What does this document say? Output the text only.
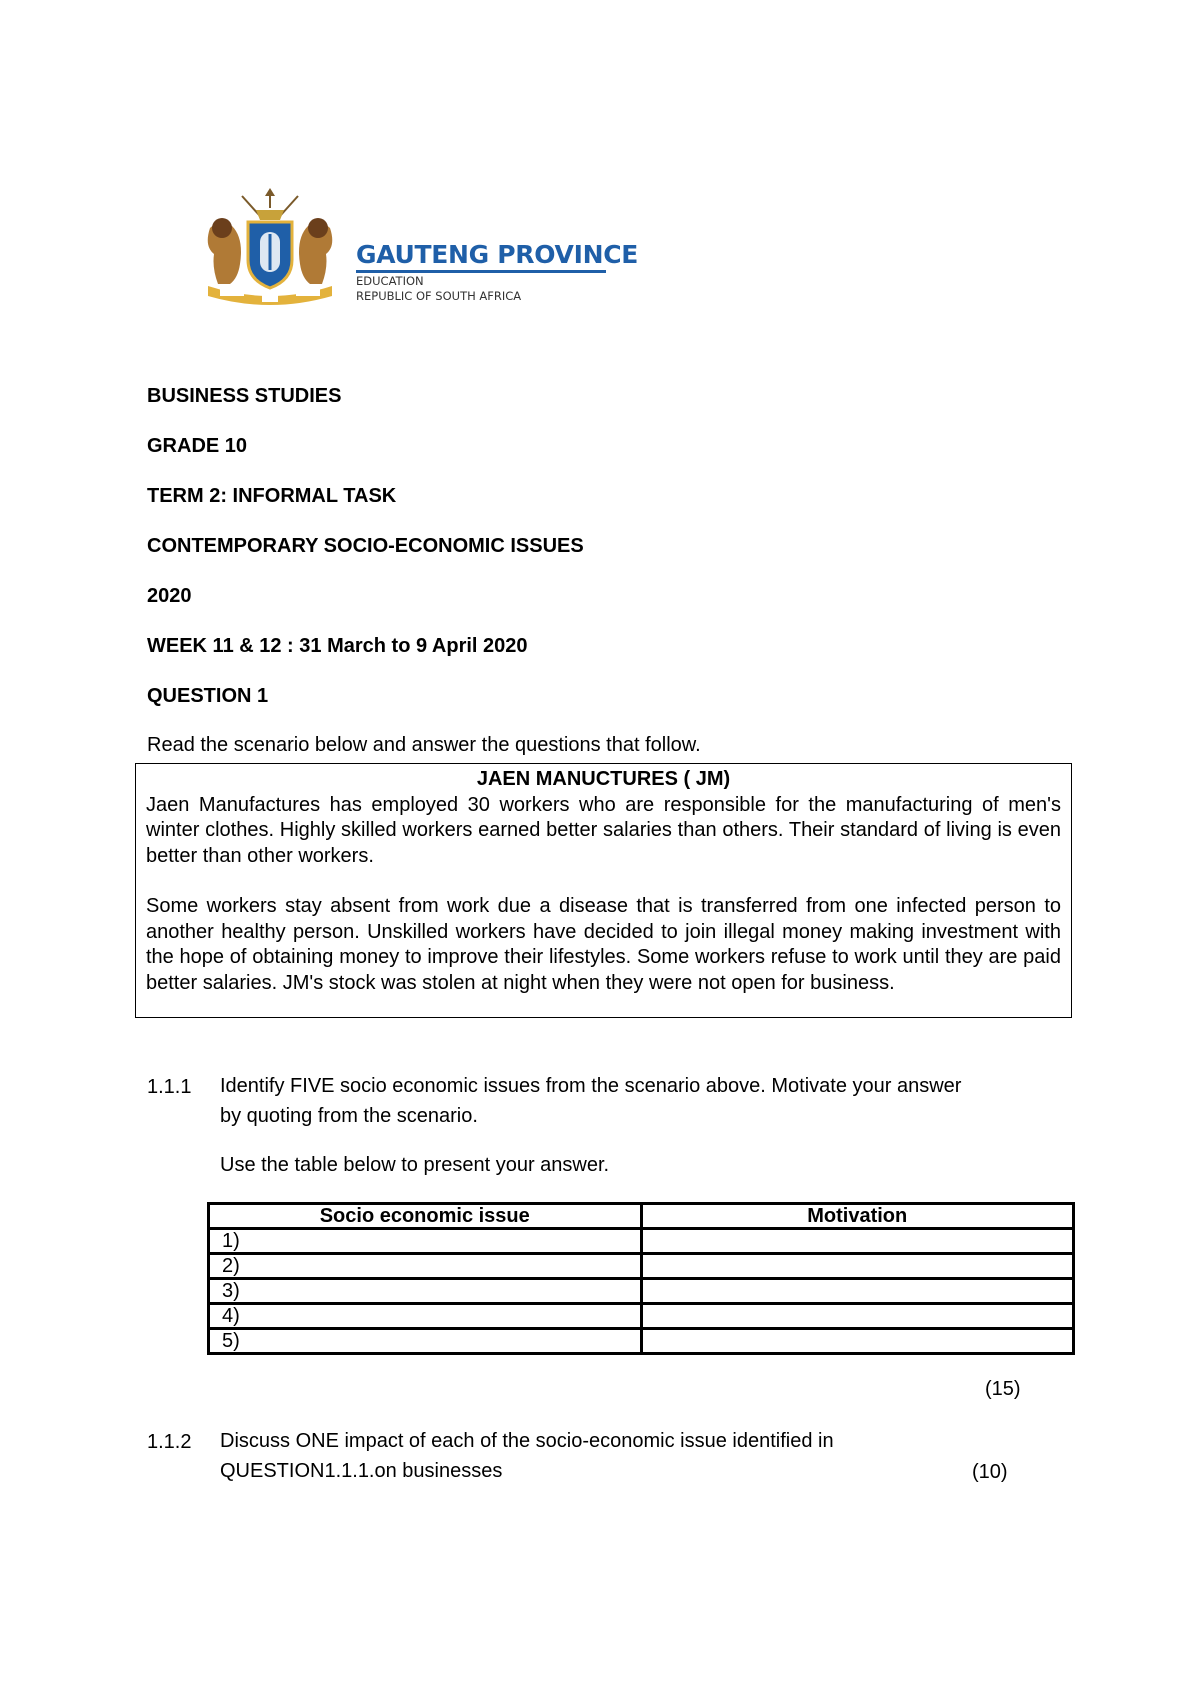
GAUTENG PROVINCE
EDUCATION
REPUBLIC OF SOUTH AFRICA
BUSINESS STUDIES
GRADE 10
TERM 2: INFORMAL TASK
CONTEMPORARY SOCIO-ECONOMIC ISSUES
2020
WEEK 11 & 12 : 31 March to 9 April 2020
QUESTION 1
Read the scenario below and answer the questions that follow.
JAEN MANUCTURES ( JM)

Jaen Manufactures has employed 30 workers who are responsible for the manufacturing of men's winter clothes. Highly skilled workers earned better salaries than others. Their standard of living is even better than other workers.

Some workers stay absent from work due a disease that is transferred from one infected person to another healthy person. Unskilled workers have decided to join illegal money making investment with the hope of obtaining money to improve their lifestyles. Some workers refuse to work until they are paid better salaries. JM's stock was stolen at night when they were not open for business.

1.1.1 Identify FIVE socio economic issues from the scenario above. Motivate your answer
by quoting from the scenario.
Use the table below to present your answer.
Socio economic issue	Motivation
1)	
2)	
3)	
4)	
5)	
(15)
1.1.2 Discuss ONE impact of each of the socio-economic issue identified in
QUESTION1.1.1.on businesses	(10)
